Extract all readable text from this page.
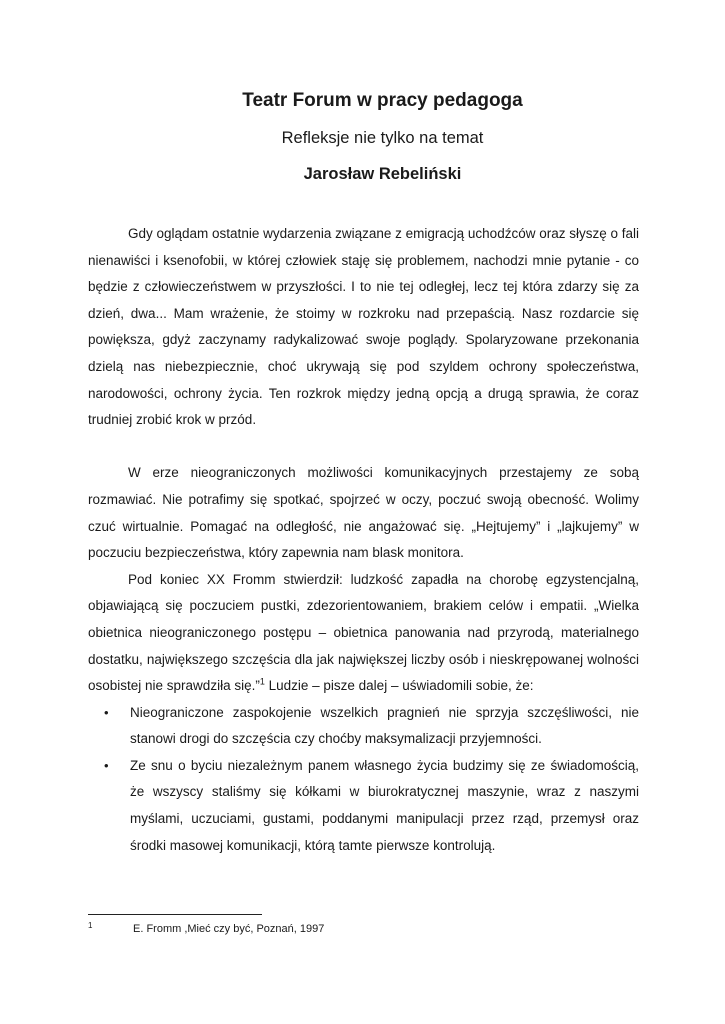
Teatr Forum w pracy pedagoga
Refleksje nie tylko na temat
Jarosław Rebeliński

Gdy oglądam ostatnie wydarzenia związane z emigracją uchodźców oraz słyszę o fali nienawiści i ksenofobii, w której człowiek staję się problemem, nachodzi mnie pytanie - co będzie z człowieczeństwem w przyszłości. I to nie tej odległej, lecz tej która zdarzy się za dzień, dwa... Mam wrażenie, że stoimy w rozkroku nad przepaścią. Nasz rozdarcie się powiększa, gdyż zaczynamy radykalizować swoje poglądy. Spolaryzowane przekonania dzielą nas niebezpiecznie, choć ukrywają się pod szyldem ochrony społeczeństwa, narodowości, ochrony życia. Ten rozkrok między jedną opcją a drugą sprawia, że coraz trudniej zrobić krok w przód.

W erze nieograniczonych możliwości komunikacyjnych przestajemy ze sobą rozmawiać. Nie potrafimy się spotkać, spojrzeć w oczy, poczuć swoją obecność. Wolimy czuć wirtualnie. Pomagać na odległość, nie angażować się. „Hejtujemy” i „lajkujemy” w poczuciu bezpieczeństwa, który zapewnia nam blask monitora.

Pod koniec XX Fromm stwierdził: ludzkość zapadła na chorobę egzystencjalną, objawiającą się poczuciem pustki, zdezorientowaniem, brakiem celów i empatii. „Wielka obietnica nieograniczonego postępu – obietnica panowania nad przyrodą, materialnego dostatku, największego szczęścia dla jak największej liczby osób i nieskrępowanej wolności osobistej nie sprawdziła się.”$^1$ Ludzie – pisze dalej – uświadomili sobie, że:

• Nieograniczone zaspokojenie wszelkich pragnień nie sprzyja szczęśliwości, nie stanowi drogi do szczęścia czy choćby maksymalizacji przyjemności.
• Ze snu o byciu niezależnym panem własnego życia budzimy się ze świadomością, że wszyscy staliśmy się kółkami w biurokratycznej maszynie, wraz z naszymi myślami, uczuciami, gustami, poddanymi manipulacji przez rząd, przemysł oraz środki masowej komunikacji, którą tamte pierwsze kontrolują.
1	E. Fromm ,Mieć czy być, Poznań, 1997
